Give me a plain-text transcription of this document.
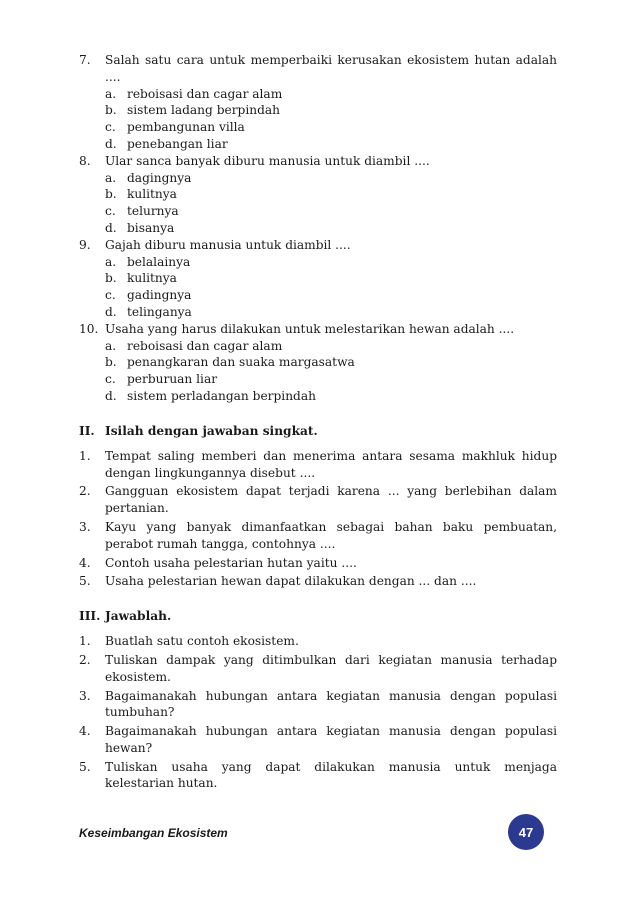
7.	Salah satu cara untuk memperbaiki kerusakan ekosistem hutan adalah ....
a. reboisasi dan cagar alam
b. sistem ladang berpindah
c. pembangunan villa
d. penebangan liar
8.	Ular sanca banyak diburu manusia untuk diambil ....
a. dagingnya
b. kulitnya
c. telurnya
d. bisanya
9.	Gajah diburu manusia untuk diambil ....
a. belalainya
b. kulitnya
c. gadingnya
d. telinganya
10. Usaha yang harus dilakukan untuk melestarikan hewan adalah ....
a. reboisasi dan cagar alam
b. penangkaran dan suaka margasatwa
c. perburuan liar
d. sistem perladangan berpindah
II. Isilah dengan jawaban singkat.
1.	Tempat saling memberi dan menerima antara sesama makhluk hidup dengan lingkungannya disebut ....
2.	Gangguan ekosistem dapat terjadi karena ... yang berlebihan dalam pertanian.
3.	Kayu yang banyak dimanfaatkan sebagai bahan baku pembuatan, perabot rumah tangga, contohnya ....
4.	Contoh usaha pelestarian hutan yaitu ....
5.	Usaha pelestarian hewan dapat dilakukan dengan ... dan ....
III. Jawablah.
1.	Buatlah satu contoh ekosistem.
2.	Tuliskan dampak yang ditimbulkan dari kegiatan manusia terhadap ekosistem.
3.	Bagaimanakah hubungan antara kegiatan manusia dengan populasi tumbuhan?
4.	Bagaimanakah hubungan antara kegiatan manusia dengan populasi hewan?
5.	Tuliskan usaha yang dapat dilakukan manusia untuk menjaga kelestarian hutan.
Keseimbangan Ekosistem	47
